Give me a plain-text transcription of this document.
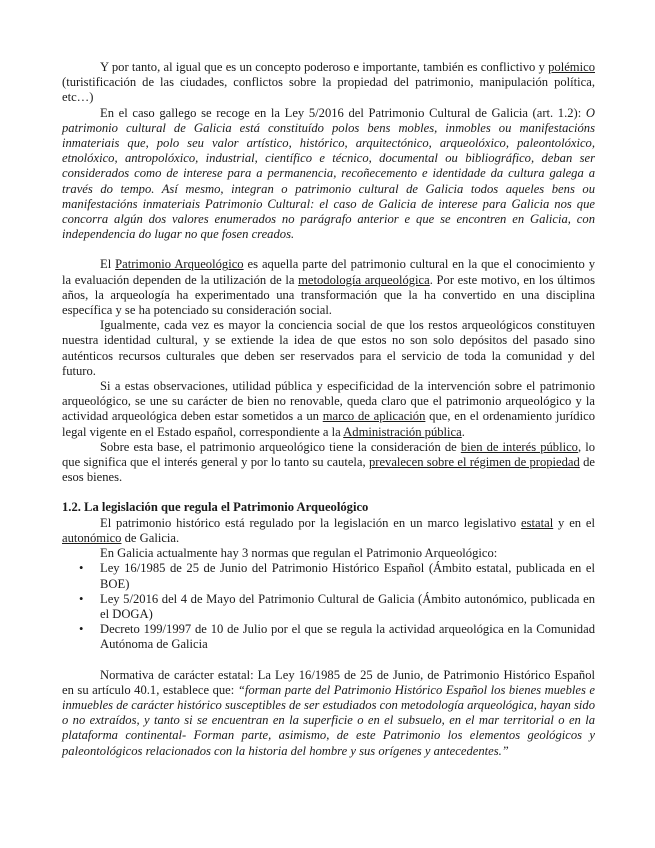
Y por tanto, al igual que es un concepto poderoso e importante, también es conflictivo y polémico (turistificación de las ciudades, conflictos sobre la propiedad del patrimonio, manipulación política, etc…)

En el caso gallego se recoge en la Ley 5/2016 del Patrimonio Cultural de Galicia (art. 1.2): O patrimonio cultural de Galicia está constituído polos bens mobles, inmobles ou manifestacións inmateriais que, polo seu valor artístico, histórico, arquitectónico, arqueolóxico, paleontolóxico, etnolóxico, antropolóxico, industrial, científico e técnico, documental ou bibliográfico, deban ser considerados como de interese para a permanencia, recoñecemento e identidade da cultura galega a través do tempo. Así mesmo, integran o patrimonio cultural de Galicia todos aqueles bens ou manifestacións inmateriais Patrimonio Cultural: el caso de Galicia de interese para Galicia nos que concorra algún dos valores enumerados no parágrafo anterior e que se encontren en Galicia, con independencia do lugar no que fosen creados.

El Patrimonio Arqueológico es aquella parte del patrimonio cultural en la que el conocimiento y la evaluación dependen de la utilización de la metodología arqueológica. Por este motivo, en los últimos años, la arqueología ha experimentado una transformación que la ha convertido en una disciplina específica y se ha potenciado su consideración social.

Igualmente, cada vez es mayor la conciencia social de que los restos arqueológicos constituyen nuestra identidad cultural, y se extiende la idea de que estos no son solo depósitos del pasado sino auténticos recursos culturales que deben ser reservados para el servicio de toda la comunidad y del futuro.

Si a estas observaciones, utilidad pública y especificidad de la intervención sobre el patrimonio arqueológico, se une su carácter de bien no renovable, queda claro que el patrimonio arqueológico y la actividad arqueológica deben estar sometidos a un marco de aplicación que, en el ordenamiento jurídico legal vigente en el Estado español, correspondiente a la Administración pública.

Sobre esta base, el patrimonio arqueológico tiene la consideración de bien de interés público, lo que significa que el interés general y por lo tanto su cautela, prevalecen sobre el régimen de propiedad de esos bienes.

1.2. La legislación que regula el Patrimonio Arqueológico

El patrimonio histórico está regulado por la legislación en un marco legislativo estatal y en el autonómico de Galicia.

En Galicia actualmente hay 3 normas que regulan el Patrimonio Arqueológico:

• Ley 16/1985 de 25 de Junio del Patrimonio Histórico Español (Ámbito estatal, publicada en el BOE)
• Ley 5/2016 del 4 de Mayo del Patrimonio Cultural de Galicia (Ámbito autonómico, publicada en el DOGA)
• Decreto 199/1997 de 10 de Julio por el que se regula la actividad arqueológica en la Comunidad Autónoma de Galicia

Normativa de carácter estatal: La Ley 16/1985 de 25 de Junio, de Patrimonio Histórico Español en su artículo 40.1, establece que: “forman parte del Patrimonio Histórico Español los bienes muebles e inmuebles de carácter histórico susceptibles de ser estudiados con metodología arqueológica, hayan sido o no extraídos, y tanto si se encuentran en la superficie o en el subsuelo, en el mar territorial o en la plataforma continental- Forman parte, asimismo, de este Patrimonio los elementos geológicos y paleontológicos relacionados con la historia del hombre y sus orígenes y antecedentes.”
